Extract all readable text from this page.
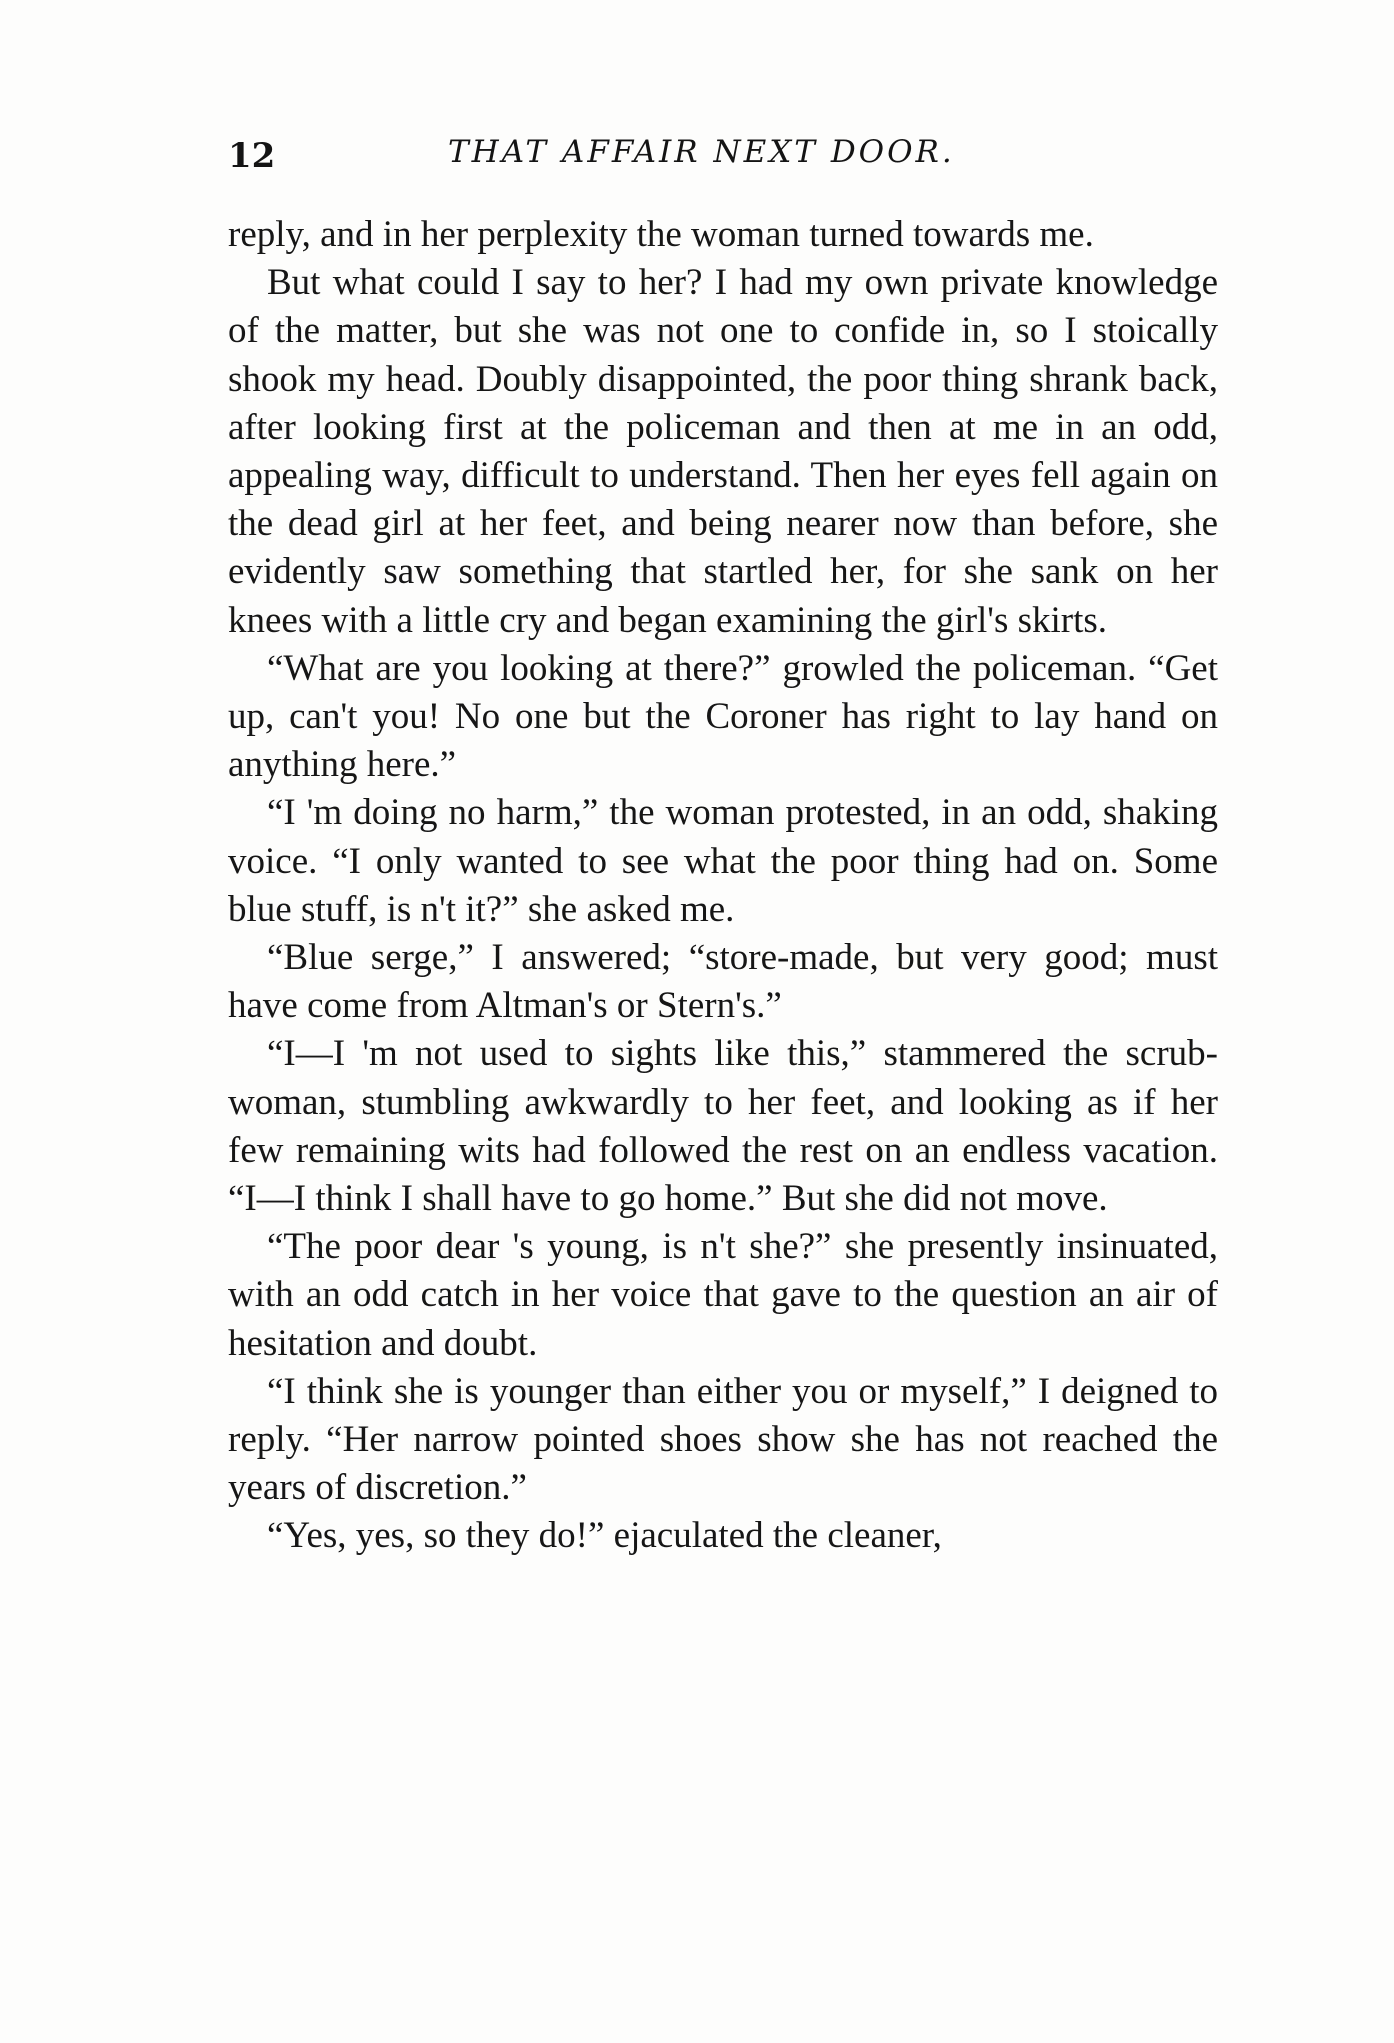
12	THAT AFFAIR NEXT DOOR.

reply, and in her perplexity the woman turned towards me.

But what could I say to her? I had my own private knowledge of the matter, but she was not one to confide in, so I stoically shook my head. Doubly disappointed, the poor thing shrank back, after looking first at the policeman and then at me in an odd, appealing way, difficult to understand. Then her eyes fell again on the dead girl at her feet, and being nearer now than before, she evidently saw something that startled her, for she sank on her knees with a little cry and began examining the girl's skirts.

“What are you looking at there?” growled the policeman. “Get up, can't you! No one but the Coroner has right to lay hand on anything here.”

“I 'm doing no harm,” the woman protested, in an odd, shaking voice. “I only wanted to see what the poor thing had on. Some blue stuff, is n't it?” she asked me.

“Blue serge,” I answered; “store-made, but very good; must have come from Altman's or Stern's.”

“I—I 'm not used to sights like this,” stammered the scrub-woman, stumbling awkwardly to her feet, and looking as if her few remaining wits had followed the rest on an endless vacation. “I—I think I shall have to go home.” But she did not move.

“The poor dear 's young, is n't she?” she presently insinuated, with an odd catch in her voice that gave to the question an air of hesitation and doubt.

“I think she is younger than either you or myself,” I deigned to reply. “Her narrow pointed shoes show she has not reached the years of discretion.”

“Yes, yes, so they do!” ejaculated the cleaner,
